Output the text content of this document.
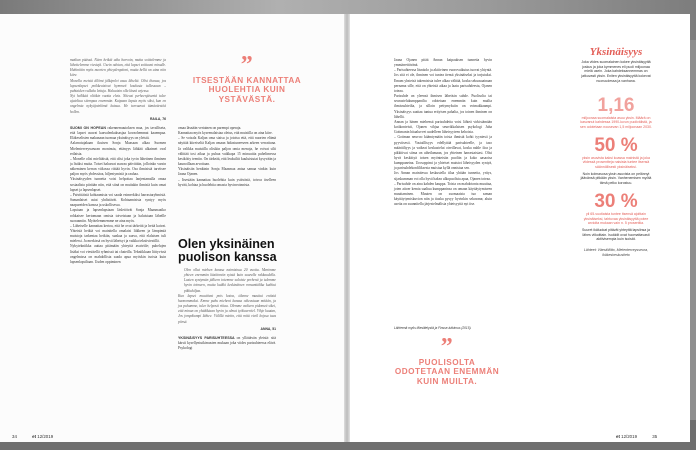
matkan päässä. Näen hetkiä aika harvoin, mutta soittelemme ja lähettelemme viestejä. Usein odotan, että lapset soittavat minulle. Huhtniitin myös nuorten yhteydenpitoni, mutta hellä on aina niin kiire.

Monella meistä ällömt jälkipolvi asuu läheltä. Olisi ihanaa, jos lapsenlapset poikkeaisivat hymmeit koulusta tullessaan – puhtaiden vallaka lettuja. Haluaisin olla läsnä arjessa.

Nyt helkkää oltiikin vuotta elvia. Niteasi perheenjäsentä tulee ajateltua sitempaa enemmän. Kaipaan lapsia myös siksi, kun en ongelmia nykyäjoinkimit kutsua. He turvaavat tämäväestöä hollen.

RAILA, 76

SUOMI ON HOPEAN rakennemuutoksen maa, jos tavalliseta, että lapset asuvat kaavalenkaksasjaa kovaohemmat kaaempaa. Eläkeselisten makanaan tuomua yksinäisyys on yleistä.

Aalarratujakaan ikuisen Sonja Maasaan alkaa Suomen Mielenterveysseuran moninsia, ettänyys lähkää alkaimet oval erilaisia.

– Monelle olisi mieltiäistä, että olisi joka tyvin lähetinen ihminen ja lisäksi muita. Toiset haluavat asuvaa päivittäin, jolloinko varsin näkeminen kerran viikossa riittää hyvin. Osa ihmisistä tarvitsee paljon myös yhdessäoa, hiljentymistä ja rauhaa.

Yksinäisyyden tunnetta voisi helpottaa lanjentamalla omaa sosiaalista piiriään niin, että siinä on muitakin ihmisiä kuin omat lapset ja lapsenlapset.

– Paivittäistä kohtaamista voi saada esimerkiksi harrasturyhmistä. Samanlaiset asiat yhdistävät. Kohtaamisista syntyy myös naapureiden kanssa ja uskollisessa.

Lapsiaan ja lapsenlapsiaan läsletöivät Sonja Maasmaaiko rohkaisee kertomaan omista toiveistaan ja haluistaan läheille suoraamiin. Myötelemmemme ne aina myös.

– Läheiselle kannattaa kertoa, että he ovat tärkeitä ja heitä kaivat. Yhteistä hetkiä voi mainitella omalaisi liikkeen ja lämpimiä muistoja tarkentaa hetkiin, sunkaa ja saava, että elalaisen tuli mielessi. Ja merkissä on hyvä läheisyt ja vaikka tekstiviestillä.

Nykytekniikka auttaa pitämään yhteyttä avaiviile; puhelujen lisäksi voi viestitellä ryhmissä tai chateilla. Tekniikkaan liittyvissä ongelmissa on mahdollista saada apua myöskin isoista kuin lapsenlapsiltaan. Uuden oppiminen

”
ITSESTÄÄN KANNATTAA HUOLEHTIA KUIN YSTÄVÄSTÄ.

omaa läsnään vertainen on parempi operaja.

Kannattaa myös kyseenalaistaa oletus, että muistilla on aina kiire.

– Se voisala Kaljan oma siaisu ja jotoisa että, että nuorten elämä näyttää kiireiseltä Kaljan omaan hidastuneeseen arkeen verrattuna. Ja valikka muistilla olisikin paljon omia menoja, he voivat silti välittää tosi aikaa ja puhua vaikkapa 15 minuuttia puhelimessa kesiköity teeniin. On tärkeää, että leuksiltit kuuluistutat kysyvään ja kaunoillaan arvottaan.

Yksinäisiin henkinin Sonja Maasmaa antaa samaa vinkin kuin Jaana Ojanen.

– Itsestään kannattaa huolehtia kuin ystävästä, toivoa itselleen hyvää, kohtaa ja huolehtia omasta hyvinvoinnista.

Olen yksinäinen puolison kanssa

Olen ollut miehen kanssa naimisissa 20 vuotta. Menimme yhteen enemmän käsitinnön syistä kuin suurella rakkaudella. Lasten syntymän jälkeen totemme saloiste perhenä ja tulemme hyvin toimeen, mutta kaikki keskinäinen romanttiikka kuihtui pikkuhiljaa.

Kun lapset muuttivat pois kotoa, tilanne muuttui entistä huonommaksi. Emme puhu mieheni kanssa oikeastaan mitään, ja jos puhumme, tulee helposti riitaa. Olemme vaikeen pidomeä sikei, että minun on yhtäkkiaan hyvin ja olmat työkaveritel. Vihje kautan, Jos jompikumpi lähtee. Välillä mietin, että mitä vieöl kojssa taas piirsä.

ANNA, 51

YKSINÄISYYS PARISUHTEESSA on yllättävän yleistä: sitä kärsii kysellyntutkimusten mukaan joka viides parisuhteessa elävä. Psykologi

34	et 12/2019

Jaana Ojanen pitää Annan kaipauksen tunnetta hyvin ymmärrettävänä.

– Parisuhteessa läsnäolo ja aktiivinen vuorovaikutus tuovat yhtyntä. Jos sitä ei ole, ihminen voi tuntea itensä yksinäiseksi ja torjutuksi. Emam yhsteisä tukemisista tulee alkaa välttää, koska sekuasaainaan pernama sille, että on yhteistä aikaa ja laatu parisuhdeesta, Ojanen toteaa.

Parisuhde on yleensä ihmisen lähetisin suhde. Puolisolta tai seurustelukumppanilta odotetaan enemmän kuin muilta ihmissuhteilta, ja silloin pettymyksiin on voimakkaampi. Yksinäisyys saattaa tuntua erityisen pahalta, jos toinen ihminen on lähellä.

Annan ja hänen miehensä parisuhdetta voisi lähteä virkistämään kotikonteisti, Ojanen vihjaa seurrikkalaisen psykologi Juha Gottmanin hitaaluvvet uudelleen läheisyyteen kehoista.

– Gottman neuvoo käämtymään toista ihmistä kohti tyyniesti ja pyyviisesti. Vastaillisyys edellyttää parisuhteelle, ja taso määräiltyys ja vaikeat keskustelut oireillavat, koska nahle iloa ja pikkitivat siima on aiheilamaan, jos yhteinen harrastaisiasi. Olisi hyvä keskittyä toisen myönteisiin puoliin ja koko aasaoisa kumppaneina. Urosoppimi ja yhteiset muistot läheisyyden syntyä, ja parisuhdekonfiliksesta muistua kyllä onnistua sen.

Jos Annan mainitessa keskustella tilaa yhtään tunnetta, yritys, sijaskumman voi olla hyvä hakea ulkopuolista apua, Ojanen toteaa.

– Parisuhde on aina kahden kauppa. Toista on mahdotonta muuttaa, joten aitoer kemia saaltua kumppaninsa on omaan käyttäytymiseen muuttaminen. Muuten on suomaaista tuo saman käyttäytymiskuvion niin ja tiuska pysyy hyvinkin sekavana; aluin useita on suunnitella järjestelmälisia yhteisyyttä nyt itse.

Lähteenä myös tiliesittelystä ja Finsse-tutkimus (2015).
”
PUOLISOLTA ODOTETAAN ENEMMÄN KUIN MUILTA.
Yksinäisyys
Joka viides suomalainen kokee yksinäisyyttä joskus ja joka kymmenes eli puoli miljoonaa mielä usein. Joka kahdeksannemmas on jatkuvasti yksin. Eniten yksinäisyyttä kokevat nuoruudessa ja vanhana.
1,16
miljoonaa suomalaista asuu yksin. Määrä on kasvanut kahdessa 1990-luvun puolivälistä, ja sen odotetaan nousevan 1,5 miljoonaan 2030.
50 %
yksin asuvista kaksi koassa mainistä ja joka viidessä prosentteja naisista tuntee itsensä säännöllisesti yksinäiseksi.
Noin kolmasosa yksin asuvista on pelännyt jäävänsä pitkään yksin. Vanhenemisen myötä tämä pelko korostuu.
30 %
yli 65-vuotiaista tuntee itsensä ajoittain yksinäiseksi, tahtuvaa yksinäisyyttä potee arviolta mukaan vain n. 5 prosenttia.
Suuret ikäluokat pitävät yhteyttä lapsiinsa ja lähes viikoittain. Isoäidit ovat huomattavasti aktiivisempia kuin isoisät.
Lähteet: Väestöliitto, Mielenterveysseura, Ikäkeskeskustieto
et 12/2019	35
